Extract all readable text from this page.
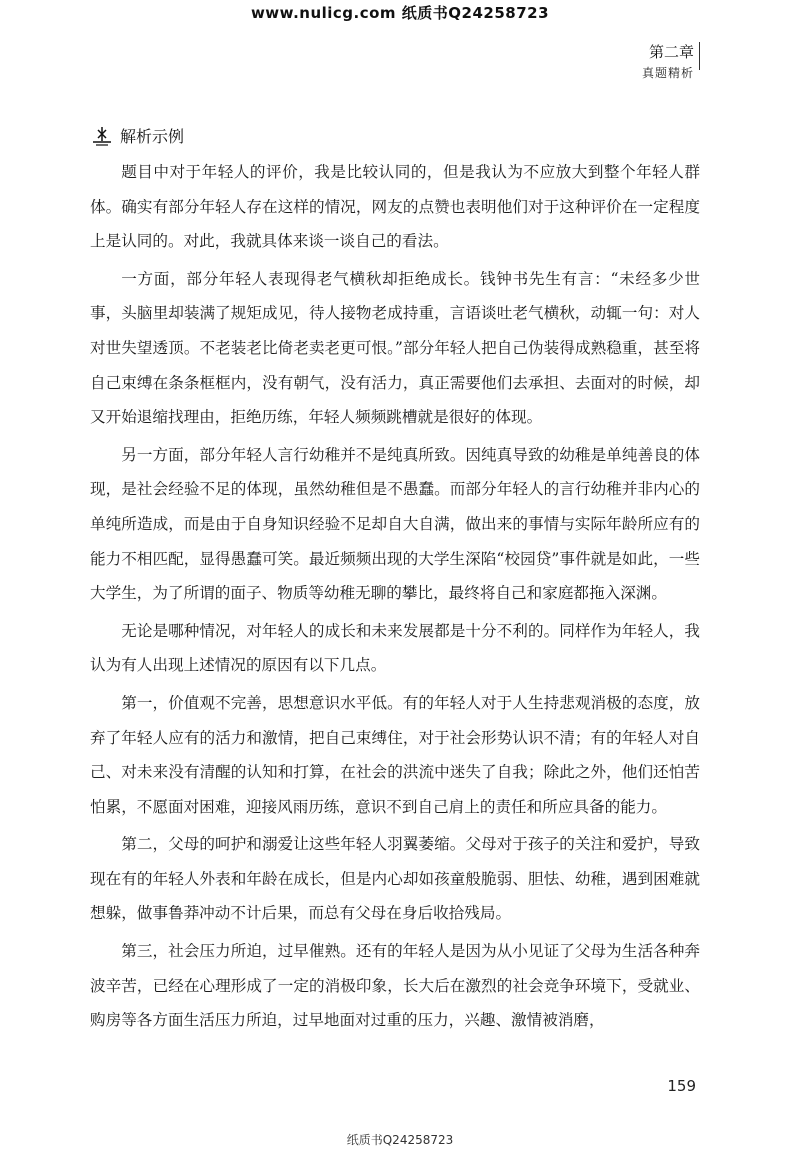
www.nulicg.com 纸质书Q24258723
第二章
真题精析
解析示例

题目中对于年轻人的评价，我是比较认同的，但是我认为不应放大到整个年轻人群体。确实有部分年轻人存在这样的情况，网友的点赞也表明他们对于这种评价在一定程度上是认同的。对此，我就具体来谈一谈自己的看法。

一方面，部分年轻人表现得老气横秋却拒绝成长。钱钟书先生有言：“未经多少世事，头脑里却装满了规矩成见，待人接物老成持重，言语谈吐老气横秋，动辄一句：对人对世失望透顶。不老装老比倚老卖老更可恨。”部分年轻人把自己伪装得成熟稳重，甚至将自己束缚在条条框框内，没有朝气，没有活力，真正需要他们去承担、去面对的时候，却又开始退缩找理由，拒绝历练，年轻人频频跳槽就是很好的体现。

另一方面，部分年轻人言行幼稚并不是纯真所致。因纯真导致的幼稚是单纯善良的体现，是社会经验不足的体现，虽然幼稚但是不愚蠢。而部分年轻人的言行幼稚并非内心的单纯所造成，而是由于自身知识经验不足却自大自满，做出来的事情与实际年龄所应有的能力不相匹配，显得愚蠢可笑。最近频频出现的大学生深陷“校园贷”事件就是如此，一些大学生，为了所谓的面子、物质等幼稚无聊的攀比，最终将自己和家庭都拖入深渊。

无论是哪种情况，对年轻人的成长和未来发展都是十分不利的。同样作为年轻人，我认为有人出现上述情况的原因有以下几点。

第一，价值观不完善，思想意识水平低。有的年轻人对于人生持悲观消极的态度，放弃了年轻人应有的活力和激情，把自己束缚住，对于社会形势认识不清；有的年轻人对自己、对未来没有清醒的认知和打算，在社会的洪流中迷失了自我；除此之外，他们还怕苦怕累，不愿面对困难，迎接风雨历练，意识不到自己肩上的责任和所应具备的能力。

第二，父母的呵护和溺爱让这些年轻人羽翼萎缩。父母对于孩子的关注和爱护，导致现在有的年轻人外表和年龄在成长，但是内心却如孩童般脆弱、胆怯、幼稚，遇到困难就想躲，做事鲁莽冲动不计后果，而总有父母在身后收拾残局。

第三，社会压力所迫，过早催熟。还有的年轻人是因为从小见证了父母为生活各种奔波辛苦，已经在心理形成了一定的消极印象，长大后在激烈的社会竞争环境下，受就业、购房等各方面生活压力所迫，过早地面对过重的压力，兴趣、激情被消磨，

159
纸质书Q24258723
